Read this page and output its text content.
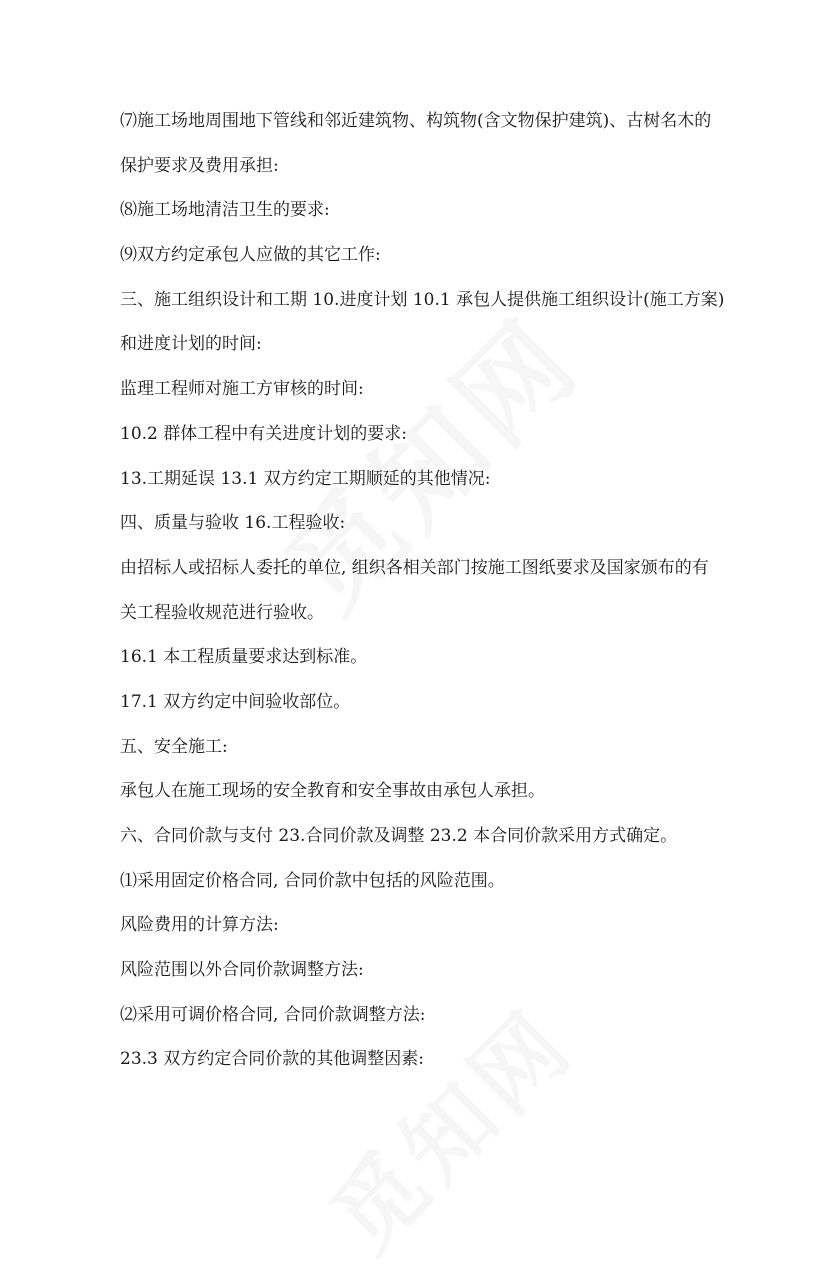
⑺施工场地周围地下管线和邻近建筑物、构筑物(含文物保护建筑)、古树名木的
保护要求及费用承担:
⑻施工场地清洁卫生的要求:
⑼双方约定承包人应做的其它工作:
三、施工组织设计和工期 10.进度计划 10.1 承包人提供施工组织设计(施工方案)
和进度计划的时间:
监理工程师对施工方审核的时间:
10.2 群体工程中有关进度计划的要求:
13.工期延误 13.1 双方约定工期顺延的其他情况:
四、质量与验收 16.工程验收:
由招标人或招标人委托的单位, 组织各相关部门按施工图纸要求及国家颁布的有
关工程验收规范进行验收。
16.1 本工程质量要求达到标准。
17.1 双方约定中间验收部位。
五、安全施工:
承包人在施工现场的安全教育和安全事故由承包人承担。
六、合同价款与支付 23.合同价款及调整 23.2 本合同价款采用方式确定。
⑴采用固定价格合同, 合同价款中包括的风险范围。
风险费用的计算方法:
风险范围以外合同价款调整方法:
⑵采用可调价格合同, 合同价款调整方法:
23.3 双方约定合同价款的其他调整因素:
